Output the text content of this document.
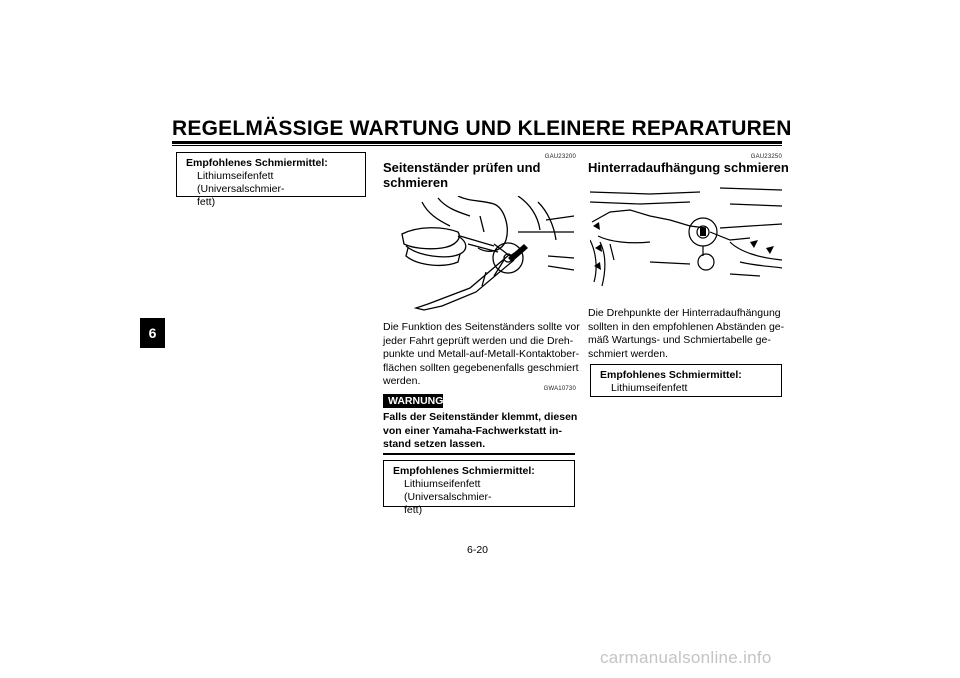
REGELMÄSSIGE WARTUNG UND KLEINERE REPARATUREN
6
Empfohlenes Schmiermittel:
Lithiumseifenfett (Universalschmier-
fett)
GAU23200
Seitenständer prüfen und
schmieren
Die Funktion des Seitenständers sollte vor
jeder Fahrt geprüft werden und die Dreh-
punkte und Metall-auf-Metall-Kontaktober-
flächen sollten gegebenenfalls geschmiert
werden.
GWA10730
WARNUNG
Falls der Seitenständer klemmt, diesen
von einer Yamaha-Fachwerkstatt in-
stand setzen lassen.
Empfohlenes Schmiermittel:
Lithiumseifenfett (Universalschmier-
fett)
GAU23250
Hinterradaufhängung schmieren
Die Drehpunkte der Hinterradaufhängung
sollten in den empfohlenen Abständen ge-
mäß Wartungs- und Schmiertabelle ge-
schmiert werden.
Empfohlenes Schmiermittel:
Lithiumseifenfett
6-20
carmanualsonline.info
